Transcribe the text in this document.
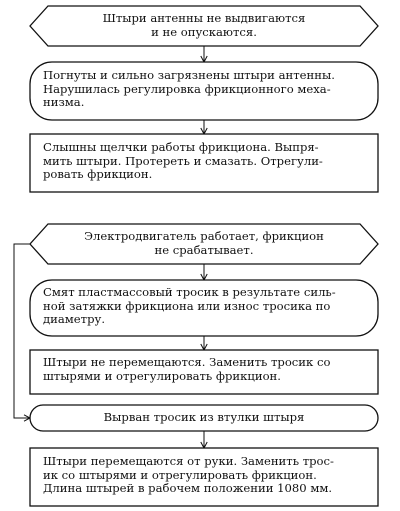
Штыри антенны не выдвигаются
и не опускаются.
Погнуты и сильно загрязнены штыри антенны.
Нарушилась регулировка фрикционного меха-
низма.
Слышны щелчки работы фрикциона. Выпря-
мить штыри. Протереть и смазать. Отрегули-
ровать фрикцион.
Электродвигатель работает, фрикцион
не срабатывает.
Смят пластмассовый тросик в результате силь-
ной затяжки фрикциона или износ тросика по
диаметру.
Штыри не перемещаются. Заменить тросик со
штырями и отрегулировать фрикцион.
Вырван тросик из втулки штыря
Штыри перемещаются от руки. Заменить трос-
ик со штырями и отрегулировать фрикцион.
Длина штырей в рабочем положении 1080 мм.
